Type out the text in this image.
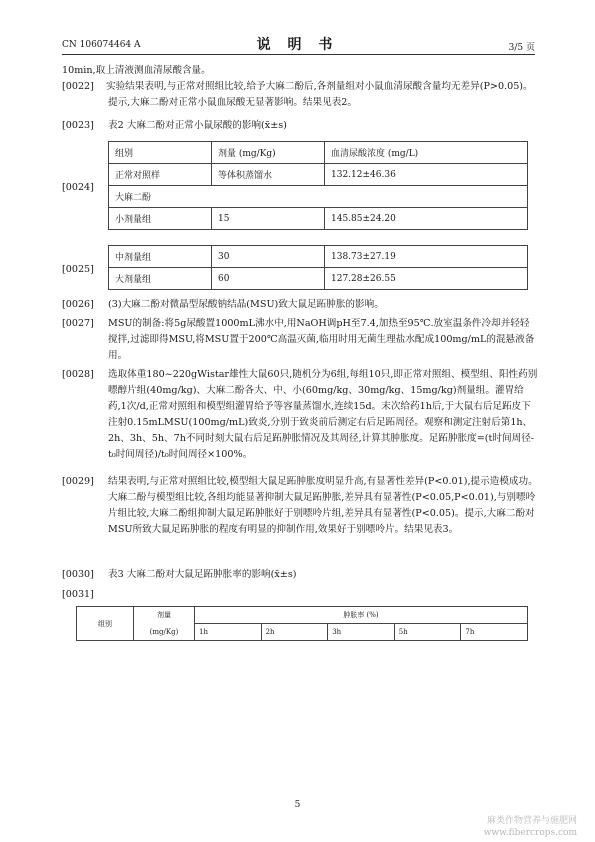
CN 106074464 A	说 明 书	3/5 页
10min,取上清液测血清尿酸含量。
[0022] 实验结果表明,与正常对照组比较,给予大麻二酚后,各剂量组对小鼠血清尿酸含量均无差异(P>0.05)。提示,大麻二酚对正常小鼠血尿酸无显著影响。结果见表2。
[0023] 表2 大麻二酚对正常小鼠尿酸的影响(x̄±s)
[0024]
组别	剂量 (mg/Kg)	血清尿酸浓度 (mg/L)
正常对照样	等体积蒸馏水	132.12±46.36
大麻二酚		
小剂量组	15	145.85±24.20
[0025]
中剂量组	30	138.73±27.19
大剂量组	60	127.28±26.55
[0026] (3)大麻二酚对微晶型尿酸钠结晶(MSU)致大鼠足跖肿胀的影响。
[0027] MSU的制备:将5g尿酸置1000mL沸水中,用NaOH调pH至7.4,加热至95℃.放室温条件冷却并轻轻搅拌,过滤即得MSU,将MSU置于200℃高温灭菌,临用时用无菌生理盐水配成100mg/mL的混悬液备用。
[0028] 选取体重180~220gWistar雄性大鼠60只,随机分为6组,每组10只,即正常对照组、模型组、阳性药别嘌醇片组(40mg/kg)、大麻二酚各大、中、小(60mg/kg、30mg/kg、15mg/kg)剂量组。灌胃给药,1次/d,正常对照组和模型组灌胃给予等容量蒸馏水,连续15d。末次给药1h后,于大鼠右后足跖皮下注射0.15mLMSU(100mg/mL)致炎,分别于致炎前后测定右后足跖周径。观察和测定注射后第1h、2h、3h、5h、7h不同时刻大鼠右后足跖肿胀情况及其周径,计算其肿胀度。足跖肿胀度=(t时间周径-t₀时间周径)/t₀时间周径×100%。
[0029] 结果表明,与正常对照组比较,模型组大鼠足跖肿胀度明显升高,有显著性差异(P<0.01),提示造模成功。大麻二酚与模型组比较,各组均能显著抑制大鼠足跖肿胀,差异具有显著性(P<0.05,P<0.01),与别嘌呤片组比较,大麻二酚组抑制大鼠足跖肿胀好于别嘌呤片组,差异具有显著性(P<0.05)。提示,大麻二酚对MSU所致大鼠足跖肿胀的程度有明显的抑制作用,效果好于别嘌呤片。结果见表3。
[0030] 表3 大麻二酚对大鼠足跖肿胀率的影响(x̄±s)
[0031]
组别	剂量	肿胀率 (%)				
	(mg/Kg)	1h	2h	3h	5h	7h
5
麻类作物营养与施肥网
www.fibercrops.com
